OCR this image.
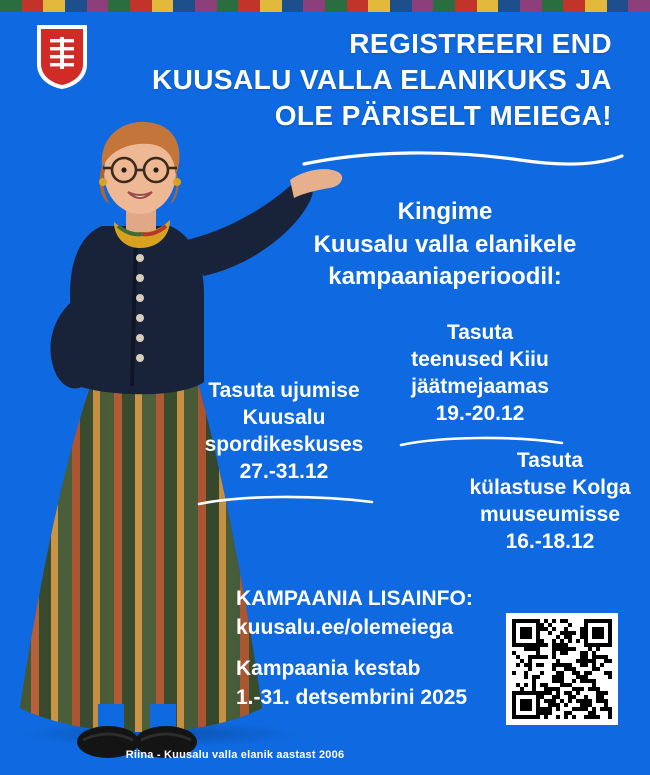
REGISTREERI END
KUUSALU VALLA ELANIKUKS JA
OLE PÄRISELT MEIEGA!
Kingime
Kuusalu valla elanikele
kampaaniaperioodil:
Tasuta ujumise
Kuusalu
spordikeskuses
27.-31.12
Tasuta
teenused Kiiu
jäätmejaamas
19.-20.12
Tasuta
külastuse Kolga
muuseumisse
16.-18.12
KAMPAANIA LISAINFO:
kuusalu.ee/olemeiega
Kampaania kestab
1.-31. detsembrini 2025
Riina - Kuusalu valla elanik aastast 2006
